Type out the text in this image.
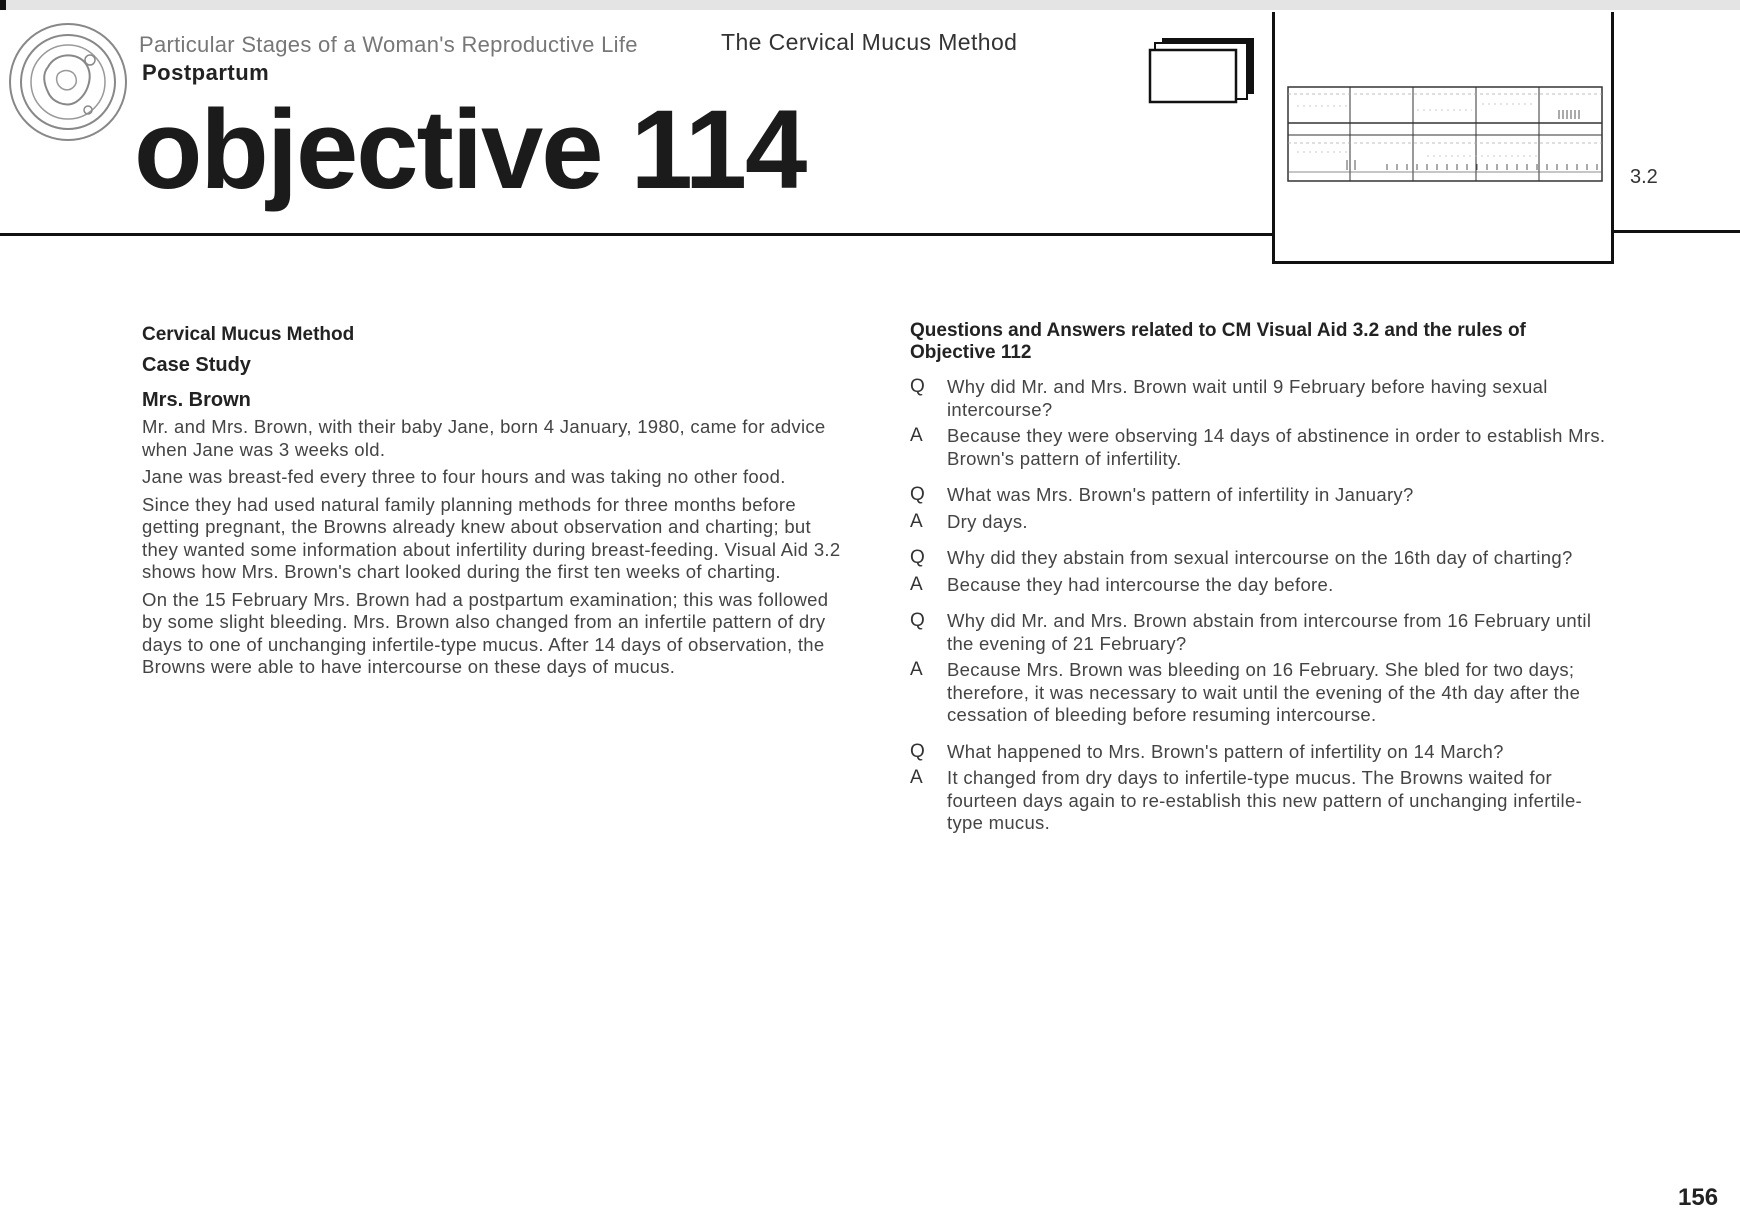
Particular Stages of a Woman's Reproductive Life
Postpartum
The Cervical Mucus Method
objective 114	3.2

Cervical Mucus Method

Case Study

Mrs. Brown

Mr. and Mrs. Brown, with their baby Jane, born 4 January, 1980, came for advice when Jane was 3 weeks old.

Jane was breast-fed every three to four hours and was taking no other food.

Since they had used natural family planning methods for three months before getting pregnant, the Browns already knew about observation and charting; but they wanted some information about infertility during breast-feeding. Visual Aid 3.2 shows how Mrs. Brown's chart looked during the first ten weeks of charting.

On the 15 February Mrs. Brown had a postpartum examination; this was followed by some slight bleeding. Mrs. Brown also changed from an infertile pattern of dry days to one of unchanging infertile-type mucus. After 14 days of observation, the Browns were able to have intercourse on these days of mucus.

Questions and Answers related to CM Visual Aid 3.2 and the rules of Objective 112

Q	Why did Mr. and Mrs. Brown wait until 9 February before having sexual intercourse?
A	Because they were observing 14 days of abstinence in order to establish Mrs. Brown's pattern of infertility.
Q	What was Mrs. Brown's pattern of infertility in January?
A	Dry days.
Q	Why did they abstain from sexual intercourse on the 16th day of charting?
A	Because they had intercourse the day before.
Q	Why did Mr. and Mrs. Brown abstain from intercourse from 16 February until the evening of 21 February?
A	Because Mrs. Brown was bleeding on 16 February. She bled for two days; therefore, it was necessary to wait until the evening of the 4th day after the cessation of bleeding before resuming intercourse.
Q	What happened to Mrs. Brown's pattern of infertility on 14 March?
A	It changed from dry days to infertile-type mucus. The Browns waited for fourteen days again to re-establish this new pattern of unchanging infertile-type mucus.
156
